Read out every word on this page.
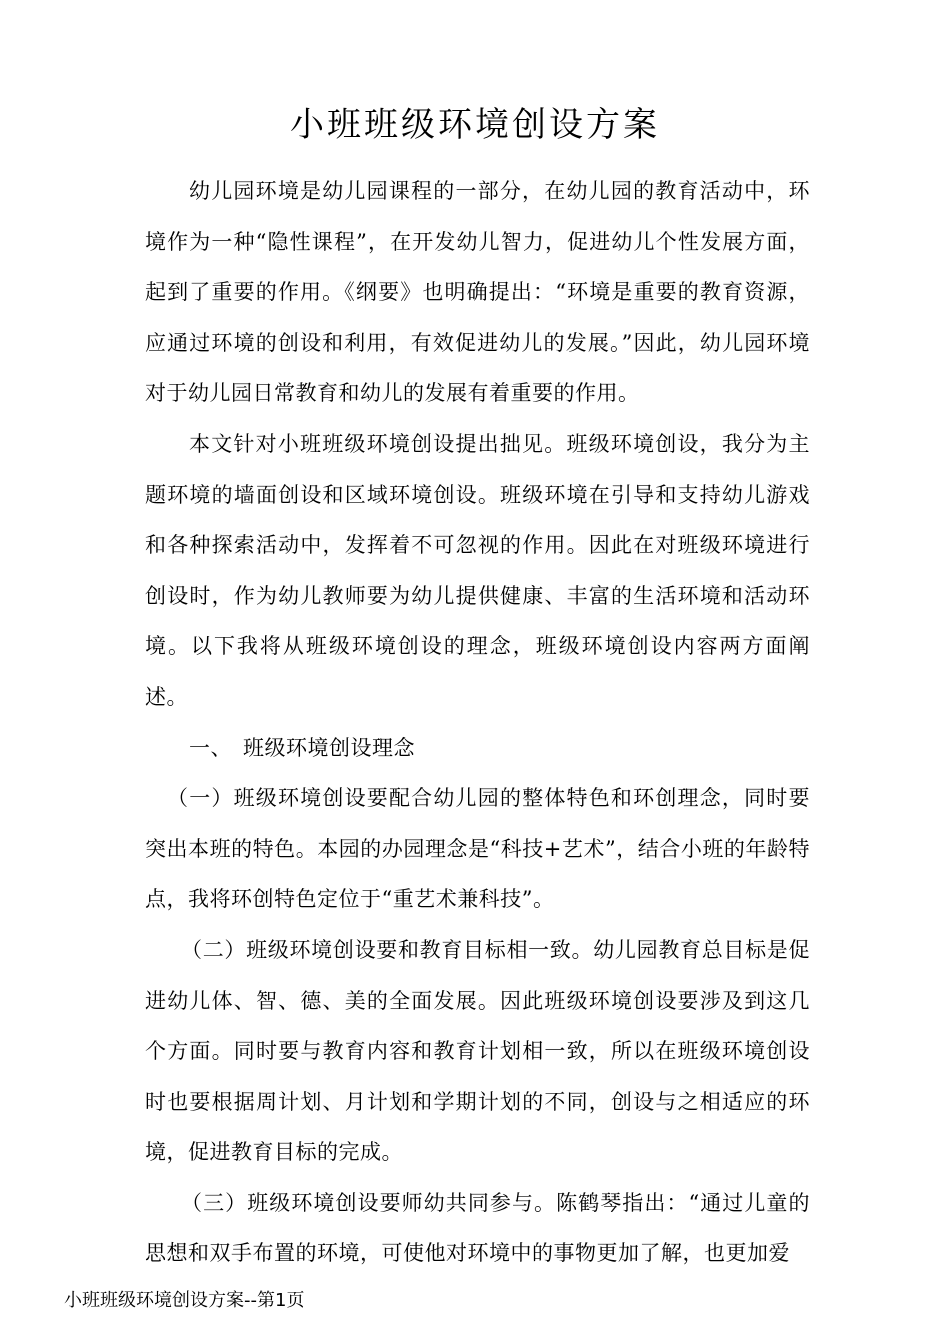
小班班级环境创设方案

幼儿园环境是幼儿园课程的一部分，在幼儿园的教育活动中，环境作为一种“隐性课程”，在开发幼儿智力，促进幼儿个性发展方面，起到了重要的作用。《纲要》也明确提出：“环境是重要的教育资源，应通过环境的创设和利用，有效促进幼儿的发展。”因此，幼儿园环境对于幼儿园日常教育和幼儿的发展有着重要的作用。

本文针对小班班级环境创设提出拙见。班级环境创设，我分为主题环境的墙面创设和区域环境创设。班级环境在引导和支持幼儿游戏和各种探索活动中，发挥着不可忽视的作用。因此在对班级环境进行创设时，作为幼儿教师要为幼儿提供健康、丰富的生活环境和活动环境。以下我将从班级环境创设的理念，班级环境创设内容两方面阐述。

一、　班级环境创设理念

（一）班级环境创设要配合幼儿园的整体特色和环创理念，同时要突出本班的特色。本园的办园理念是“科技+艺术”，结合小班的年龄特点，我将环创特色定位于“重艺术兼科技”。

（二）班级环境创设要和教育目标相一致。幼儿园教育总目标是促进幼儿体、智、德、美的全面发展。因此班级环境创设要涉及到这几个方面。同时要与教育内容和教育计划相一致，所以在班级环境创设时也要根据周计划、月计划和学期计划的不同，创设与之相适应的环境，促进教育目标的完成。

（三）班级环境创设要师幼共同参与。陈鹤琴指出：“通过儿童的思想和双手布置的环境，可使他对环境中的事物更加了解，也更加爱

小班班级环境创设方案--第1页
